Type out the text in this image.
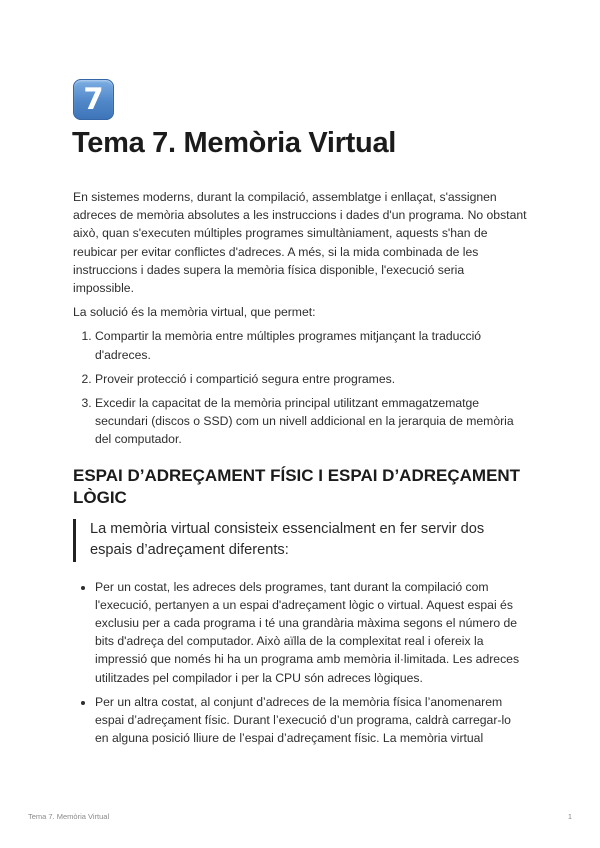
7
Tema 7. Memòria Virtual

En sistemes moderns, durant la compilació, assemblatge i enllaçat, s'assignen adreces de memòria absolutes a les instruccions i dades d'un programa. No obstant això, quan s'executen múltiples programes simultàniament, aquests s'han de reubicar per evitar conflictes d'adreces. A més, si la mida combinada de les instruccions i dades supera la memòria física disponible, l'execució seria impossible.

La solució és la memòria virtual, que permet:

1. Compartir la memòria entre múltiples programes mitjançant la traducció d'adreces.
2. Proveir protecció i compartició segura entre programes.
3. Excedir la capacitat de la memòria principal utilitzant emmagatzematge secundari (discos o SSD) com un nivell addicional en la jerarquia de memòria del computador.
ESPAI D’ADREÇAMENT FÍSIC I ESPAI D’ADREÇAMENT LÒGIC
La memòria virtual consisteix essencialment en fer servir dos espais d’adreçament diferents:
• Per un costat, les adreces dels programes, tant durant la compilació com l'execució, pertanyen a un espai d'adreçament lògic o virtual. Aquest espai és exclusiu per a cada programa i té una grandària màxima segons el número de bits d'adreça del computador. Això aïlla de la complexitat real i ofereix la impressió que només hi ha un programa amb memòria il·limitada. Les adreces utilitzades pel compilador i per la CPU són adreces lògiques.
• Per un altra costat, al conjunt d’adreces de la memòria física l’anomenarem espai d’adreçament físic. Durant l’execució d’un programa, caldrà carregar-lo en alguna posició lliure de l’espai d’adreçament físic. La memòria virtual
Tema 7. Memòria Virtual	1
